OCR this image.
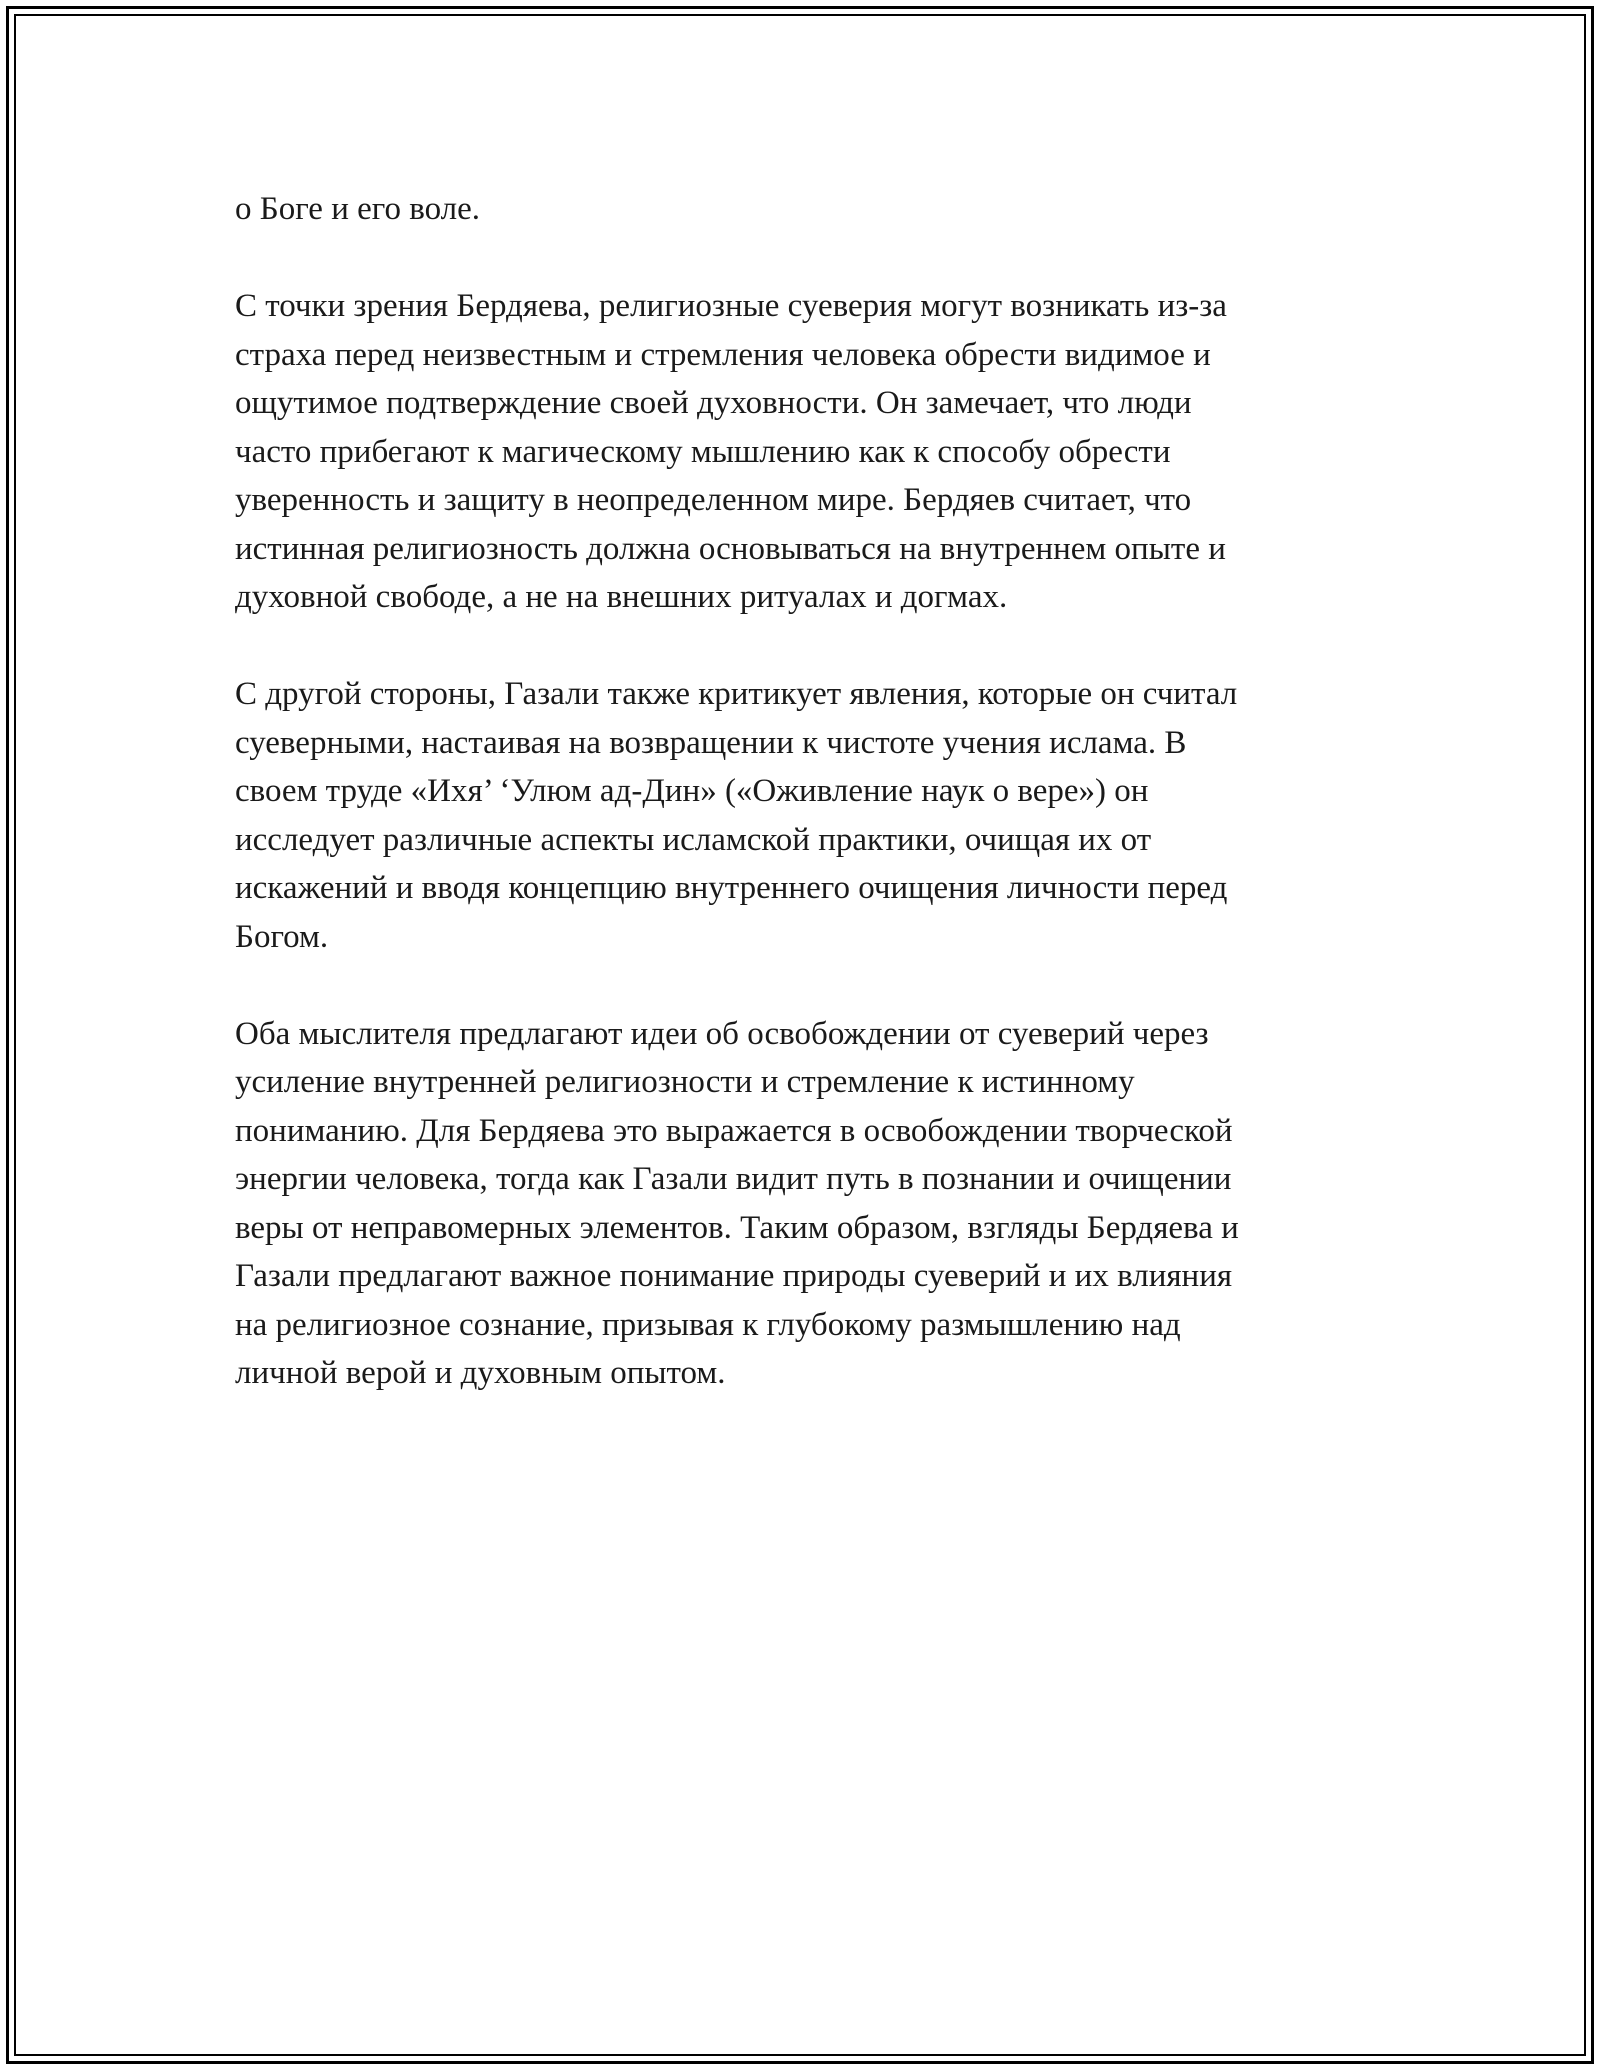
о Боге и его воле.

С точки зрения Бердяева, религиозные суеверия могут возникать из-за
страха перед неизвестным и стремления человека обрести видимое и
ощутимое подтверждение своей духовности. Он замечает, что люди
часто прибегают к магическому мышлению как к способу обрести
уверенность и защиту в неопределенном мире. Бердяев считает, что
истинная религиозность должна основываться на внутреннем опыте и
духовной свободе, а не на внешних ритуалах и догмах.

С другой стороны, Газали также критикует явления, которые он считал
суеверными, настаивая на возвращении к чистоте учения ислама. В
своем труде «Ихя’ ‘Улюм ад-Дин» («Оживление наук о вере») он
исследует различные аспекты исламской практики, очищая их от
искажений и вводя концепцию внутреннего очищения личности перед
Богом.

Оба мыслителя предлагают идеи об освобождении от суеверий через
усиление внутренней религиозности и стремление к истинному
пониманию. Для Бердяева это выражается в освобождении творческой
энергии человека, тогда как Газали видит путь в познании и очищении
веры от неправомерных элементов. Таким образом, взгляды Бердяева и
Газали предлагают важное понимание природы суеверий и их влияния
на религиозное сознание, призывая к глубокому размышлению над
личной верой и духовным опытом.
